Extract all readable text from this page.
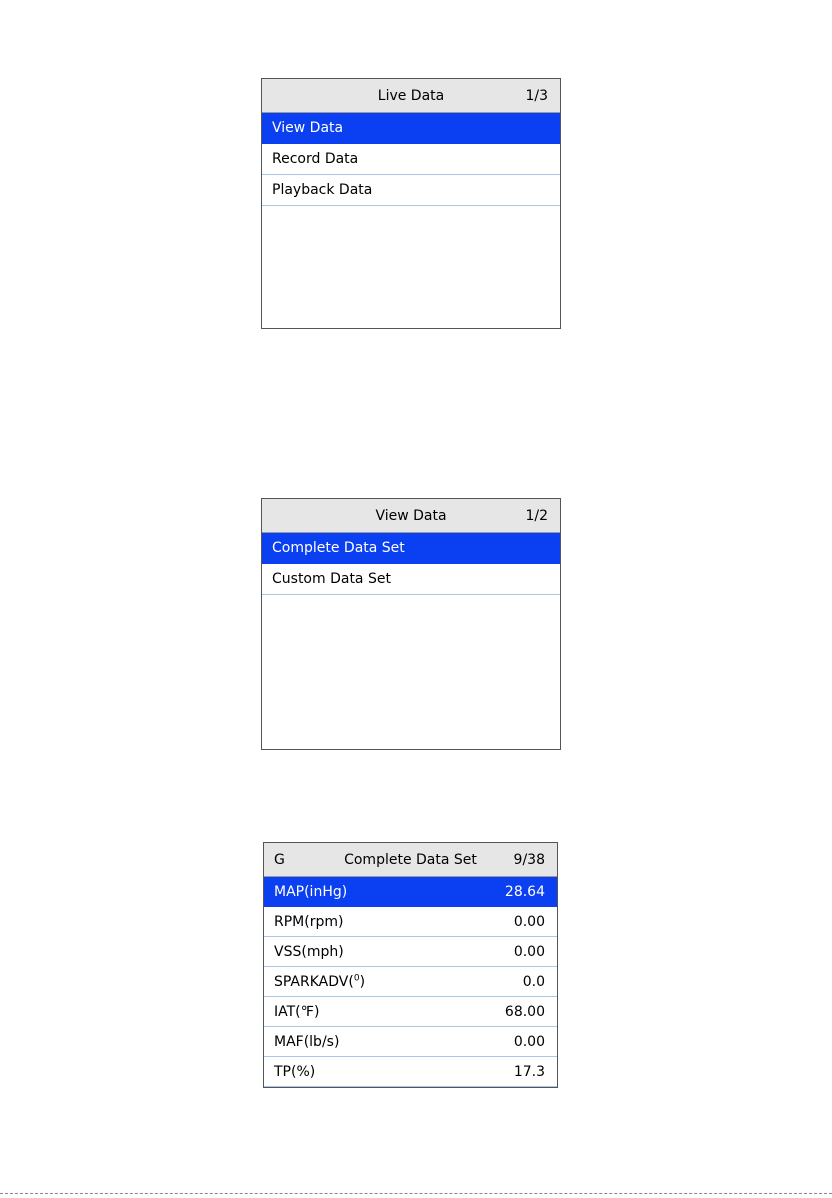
Live Data	1/3
View Data
Record Data
Playback Data
View Data	1/2
Complete Data Set
Custom Data Set
G	Complete Data Set	9/38
MAP(inHg)	28.64
RPM(rpm)	0.00
VSS(mph)	0.00
SPARKADV($^0$)	0.0
IAT(℉)	68.00
MAF(lb/s)	0.00
TP(%)	17.3
